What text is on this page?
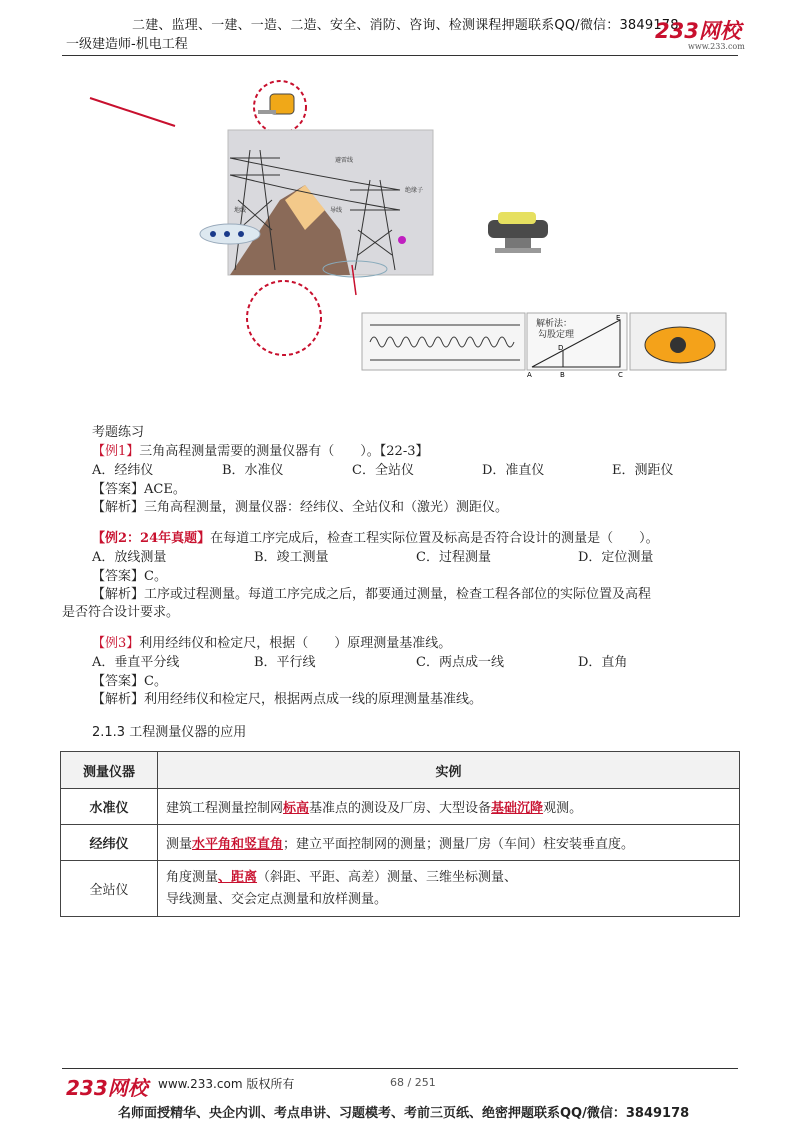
二建、监理、一建、一造、二造、安全、消防、咨询、检测课程押题联系QQ/微信：3849178
一级建造师-机电工程
233网校
www.233.com
避雷线
绝缘子
导线
地线
解析法：
勾股定理
A	B	C
D
E
考题练习
【例1】三角高程测量需要的测量仪器有（　　）。【22-3】
A．经纬仪	B．水准仪	C．全站仪	D．准直仪	E．测距仪
【答案】ACE。
【解析】三角高程测量，测量仪器：经纬仪、全站仪和（激光）测距仪。
【例2：24年真题】在每道工序完成后，检查工程实际位置及标高是否符合设计的测量是（　　）。
A．放线测量	B．竣工测量	C．过程测量	D．定位测量
【答案】C。
【解析】工序或过程测量。每道工序完成之后，都要通过测量，检查工程各部位的实际位置及高程
是否符合设计要求。
【例3】利用经纬仪和检定尺，根据（　　）原理测量基准线。
A．垂直平分线	B．平行线	C．两点成一线	D．直角
【答案】C。
【解析】利用经纬仪和检定尺，根据两点成一线的原理测量基准线。
2.1.3 工程测量仪器的应用
测量仪器	实例
水准仪	建筑工程测量控制网标高基准点的测设及厂房、大型设备基础沉降观测。
经纬仪	测量水平角和竖直角；建立平面控制网的测量；测量厂房（车间）柱安装垂直度。
全站仪	角度测量、距离（斜距、平距、高差）测量、三维坐标测量、
导线测量、交会定点测量和放样测量。
233网校 www.233.com 版权所有	68 / 251
名师面授精华、央企内训、考点串讲、习题模考、考前三页纸、绝密押题联系QQ/微信：3849178
